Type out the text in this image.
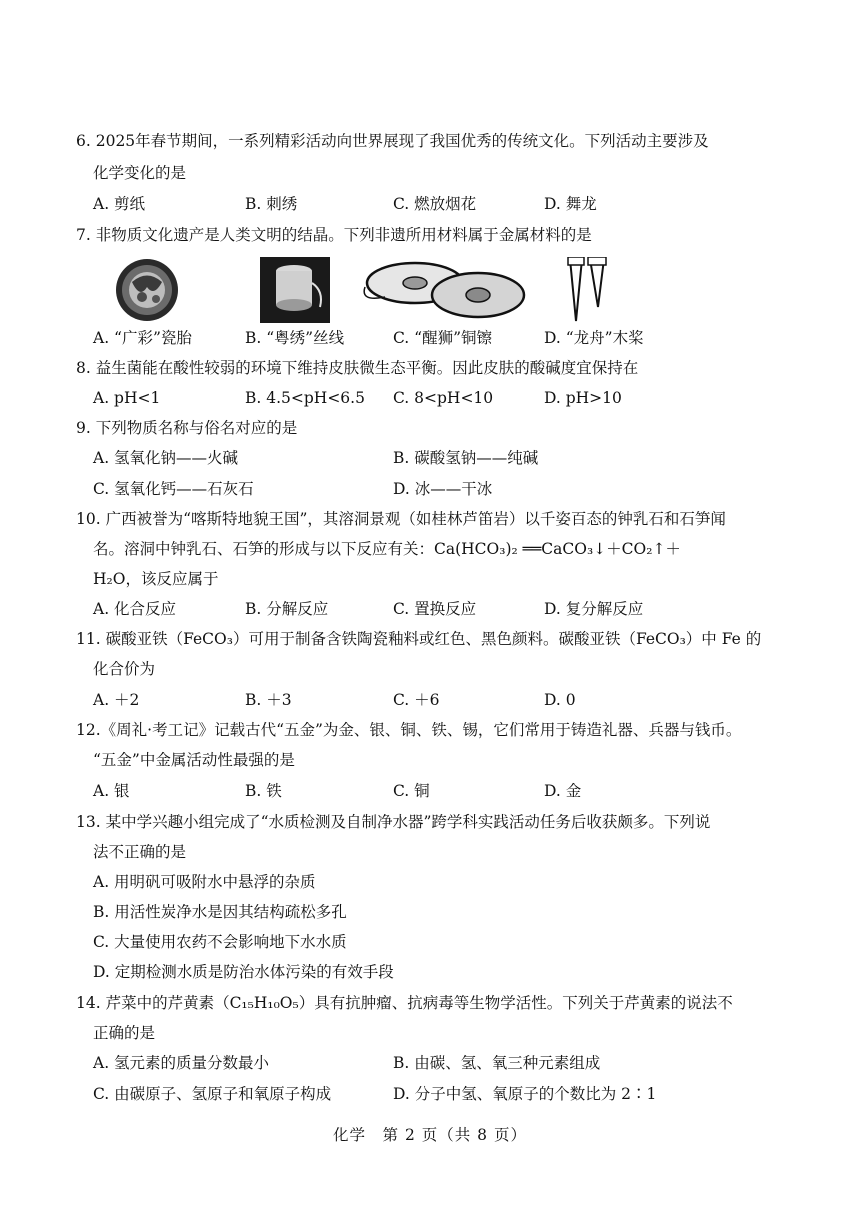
6. 2025年春节期间，一系列精彩活动向世界展现了我国优秀的传统文化。下列活动主要涉及
化学变化的是
A. 剪纸	B. 刺绣	C. 燃放烟花	D. 舞龙
7. 非物质文化遗产是人类文明的结晶。下列非遗所用材料属于金属材料的是
A. “广彩”瓷胎	B. “粤绣”丝线	C. “醒狮”铜镲	D. “龙舟”木桨
8. 益生菌能在酸性较弱的环境下维持皮肤微生态平衡。因此皮肤的酸碱度宜保持在
A. pH<1	B. 4.5<pH<6.5 C. 8<pH<10	D. pH>10
9. 下列物质名称与俗名对应的是
A. 氢氧化钠——火碱	B. 碳酸氢钠——纯碱
C. 氢氧化钙——石灰石	D. 冰——干冰
10. 广西被誉为“喀斯特地貌王国”，其溶洞景观（如桂林芦笛岩）以千姿百态的钟乳石和石笋闻
名。溶洞中钟乳石、石笋的形成与以下反应有关：Ca(HCO₃)₂ ══CaCO₃↓＋CO₂↑＋
H₂O，该反应属于
A. 化合反应	B. 分解反应	C. 置换反应	D. 复分解反应
11. 碳酸亚铁（FeCO₃）可用于制备含铁陶瓷釉料或红色、黑色颜料。碳酸亚铁（FeCO₃）中 Fe 的
化合价为
A. ＋2	B. ＋3	C. ＋6	D. 0
12.《周礼·考工记》记载古代“五金”为金、银、铜、铁、锡，它们常用于铸造礼器、兵器与钱币。
“五金”中金属活动性最强的是
A. 银	B. 铁	C. 铜	D. 金
13. 某中学兴趣小组完成了“水质检测及自制净水器”跨学科实践活动任务后收获颇多。下列说
法不正确的是
A. 用明矾可吸附水中悬浮的杂质
B. 用活性炭净水是因其结构疏松多孔
C. 大量使用农药不会影响地下水水质
D. 定期检测水质是防治水体污染的有效手段
14. 芹菜中的芹黄素（C₁₅H₁₀O₅）具有抗肿瘤、抗病毒等生物学活性。下列关于芹黄素的说法不
正确的是
A. 氢元素的质量分数最小	B. 由碳、氢、氧三种元素组成
C. 由碳原子、氢原子和氧原子构成	D. 分子中氢、氧原子的个数比为 2∶1
化学　第 2 页（共 8 页）
